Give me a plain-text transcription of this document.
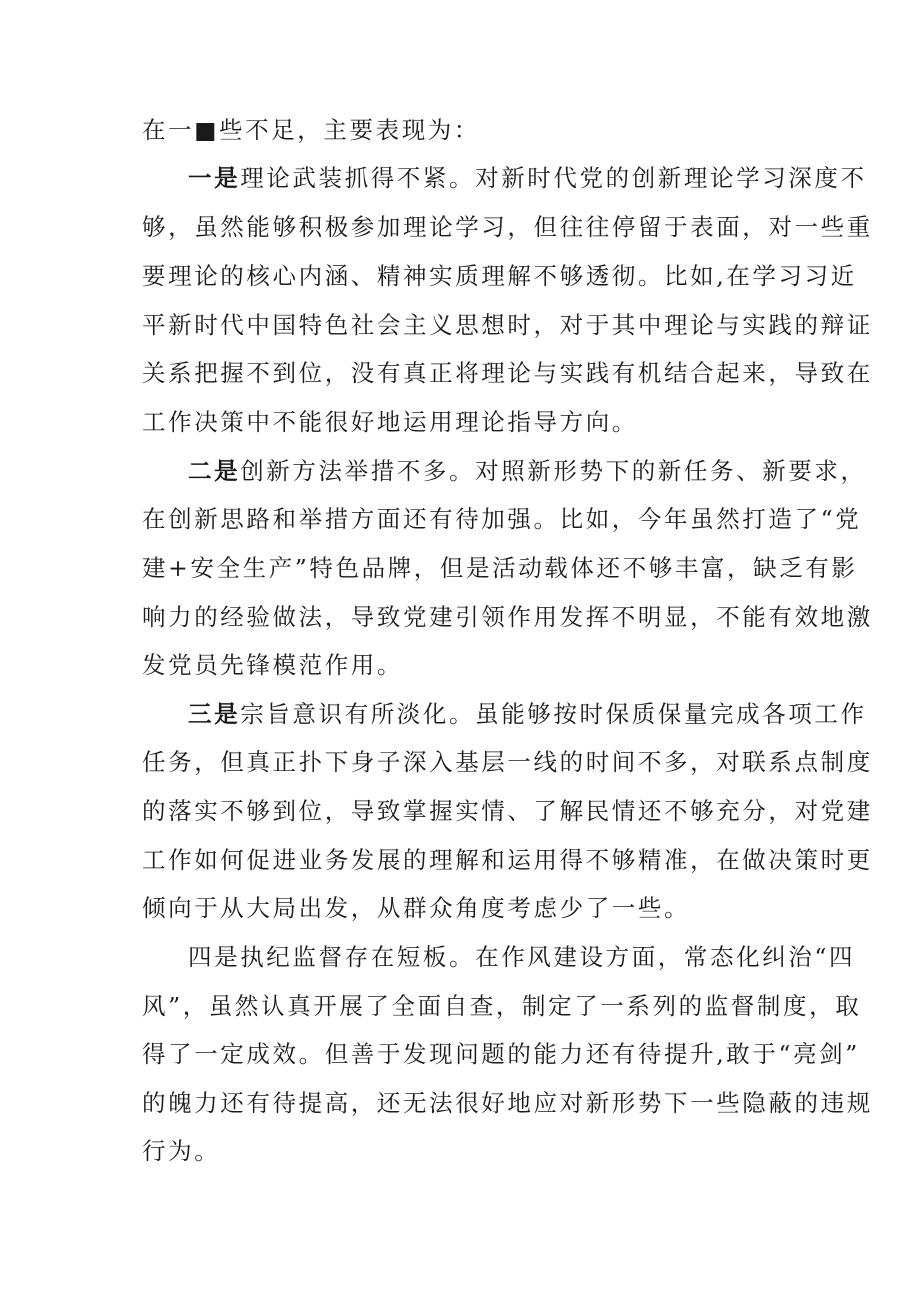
在一■些不足，主要表现为：
一是理论武装抓得不紧。对新时代党的创新理论学习深度不
够，虽然能够积极参加理论学习，但往往停留于表面，对一些重
要理论的核心内涵、精神实质理解不够透彻。比如,在学习习近
平新时代中国特色社会主义思想时，对于其中理论与实践的辩证
关系把握不到位，没有真正将理论与实践有机结合起来，导致在
工作决策中不能很好地运用理论指导方向。
二是创新方法举措不多。对照新形势下的新任务、新要求，
在创新思路和举措方面还有待加强。比如，今年虽然打造了“党
建+安全生产”特色品牌，但是活动载体还不够丰富，缺乏有影
响力的经验做法，导致党建引领作用发挥不明显，不能有效地激
发党员先锋模范作用。
三是宗旨意识有所淡化。虽能够按时保质保量完成各项工作
任务，但真正扑下身子深入基层一线的时间不多，对联系点制度
的落实不够到位，导致掌握实情、了解民情还不够充分，对党建
工作如何促进业务发展的理解和运用得不够精准，在做决策时更
倾向于从大局出发，从群众角度考虑少了一些。
四是执纪监督存在短板。在作风建设方面，常态化纠治“四
风”，虽然认真开展了全面自查，制定了一系列的监督制度，取
得了一定成效。但善于发现问题的能力还有待提升,敢于“亮剑”
的魄力还有待提高，还无法很好地应对新形势下一些隐蔽的违规
行为。
